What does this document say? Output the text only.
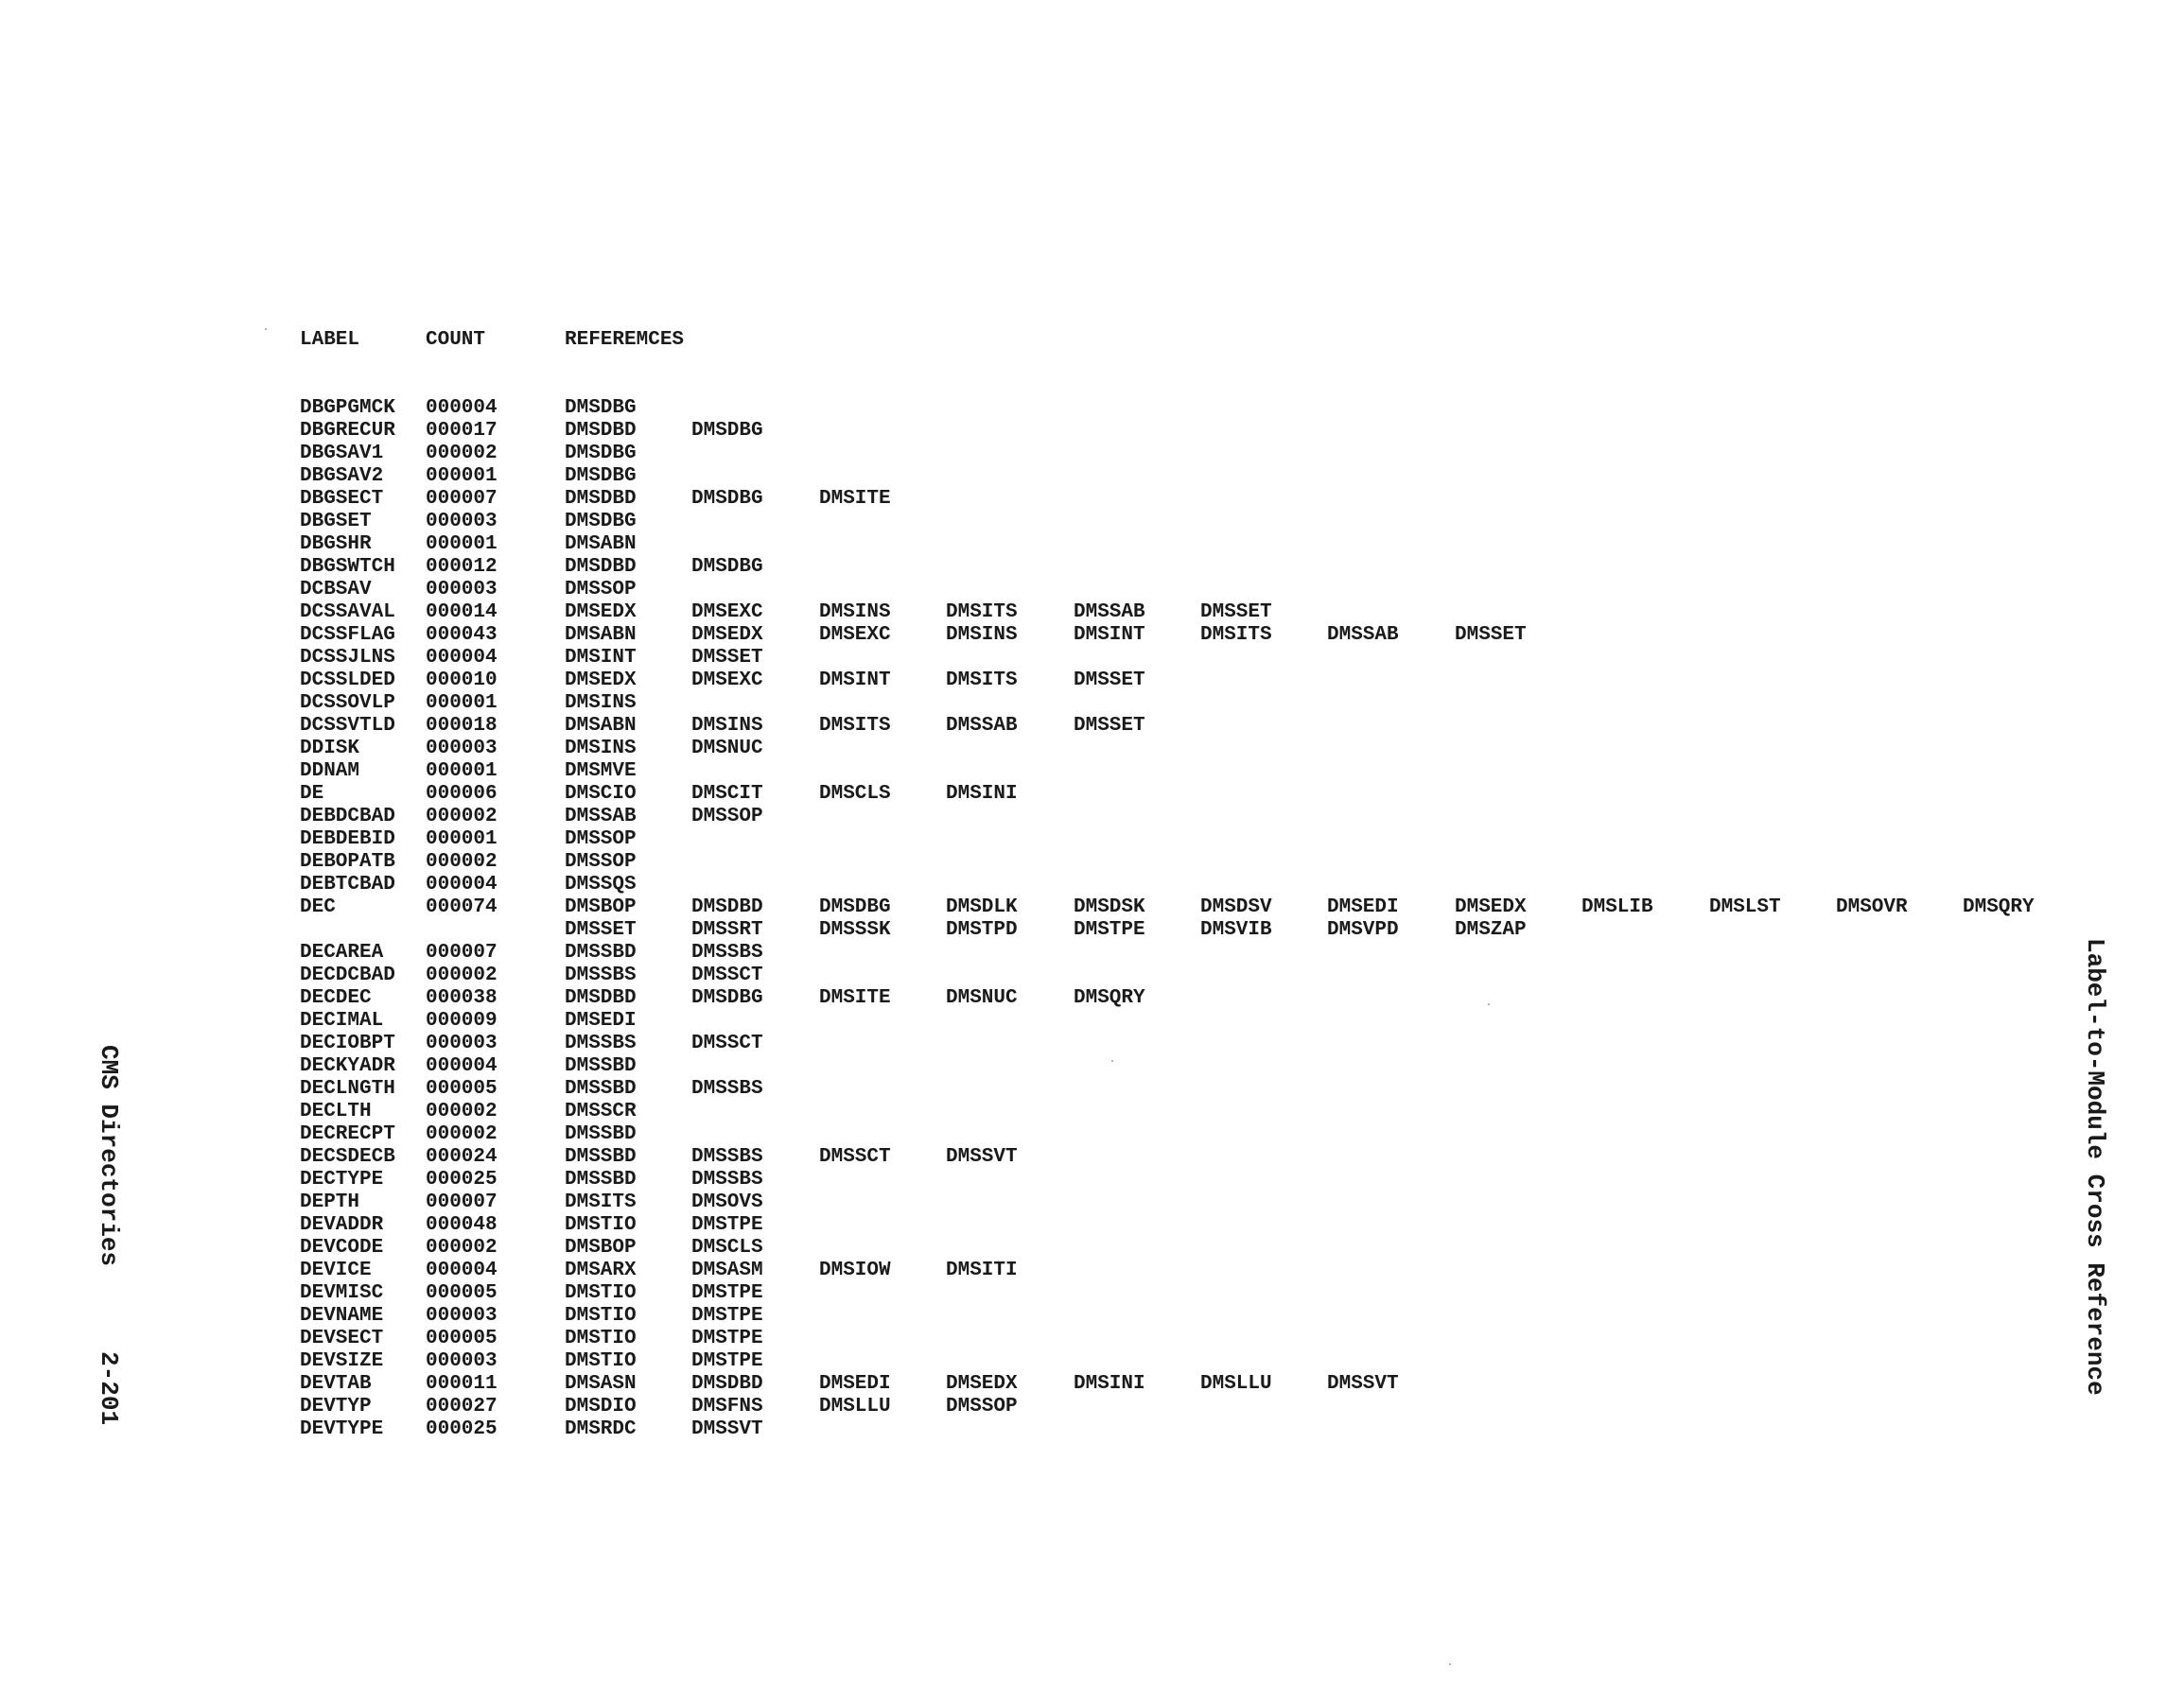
LABEL	COUNT	REFEREMCES
DBGPGMCK 000004	DMSDBG
DBGRECUR 000017	DMSDBD	DMSDBG
DBGSAV1 000002	DMSDBG
DBGSAV2 000001	DMSDBG
DBGSECT 000007	DMSDBD	DMSDBG	DMSITE
DBGSET	000003	DMSDBG
DBGSHR	000001	DMSABN
DBGSWTCH 000012	DMSDBD	DMSDBG
DCBSAV	000003	DMSSOP
DCSSAVAL 000014	DMSEDX	DMSEXC	DMSINS	DMSITS	DMSSAB	DMSSET
DCSSFLAG 000043	DMSABN	DMSEDX	DMSEXC	DMSINS	DMSINT	DMSITS	DMSSAB	DMSSET
DCSSJLNS 000004	DMSINT	DMSSET
DCSSLDED 000010	DMSEDX	DMSEXC	DMSINT	DMSITS	DMSSET
DCSSOVLP 000001	DMSINS
DCSSVTLD 000018	DMSABN	DMSINS	DMSITS	DMSSAB	DMSSET
DDISK	000003	DMSINS	DMSNUC
DDNAM	000001	DMSMVE
DE	000006	DMSCIO	DMSCIT	DMSCLS	DMSINI
DEBDCBAD 000002	DMSSAB	DMSSOP
DEBDEBID 000001	DMSSOP
DEBOPATB 000002	DMSSOP
DEBTCBAD 000004	DMSSQS
DEC	000074	DMSBOP	DMSDBD	DMSDBG	DMSDLK	DMSDSK	DMSDSV	DMSEDI	DMSEDX	DMSLIB	DMSLST	DMSOVR	DMSQRY
DMSSET	DMSSRT	DMSSSK	DMSTPD	DMSTPE	DMSVIB	DMSVPD	DMSZAP
DECAREA 000007	DMSSBD	DMSSBS
DECDCBAD 000002	DMSSBS	DMSSCT
DECDEC	000038	DMSDBD	DMSDBG	DMSITE	DMSNUC	DMSQRY
DECIMAL 000009	DMSEDI
DECIOBPT 000003	DMSSBS	DMSSCT
DECKYADR 000004	DMSSBD
DECLNGTH 000005	DMSSBD	DMSSBS
DECLTH	000002	DMSSCR
DECRECPT 000002	DMSSBD
DECSDECB 000024	DMSSBD	DMSSBS	DMSSCT	DMSSVT
DECTYPE 000025	DMSSBD	DMSSBS
DEPTH	000007	DMSITS	DMSOVS
DEVADDR 000048	DMSTIO	DMSTPE
DEVCODE 000002	DMSBOP	DMSCLS
DEVICE	000004	DMSARX	DMSASM	DMSIOW	DMSITI
DEVMISC 000005	DMSTIO	DMSTPE
DEVNAME 000003	DMSTIO	DMSTPE
DEVSECT 000005	DMSTIO	DMSTPE
DEVSIZE 000003	DMSTIO	DMSTPE
DEVTAB	000011	DMSASN	DMSDBD	DMSEDI	DMSEDX	DMSINI	DMSLLU	DMSSVT
DEVTYP	000027	DMSDIO	DMSFNS	DMSLLU	DMSSOP
DEVTYPE 000025	DMSRDC	DMSSVT
CMS Directories2-201	Label-to-Module Cross Reference
